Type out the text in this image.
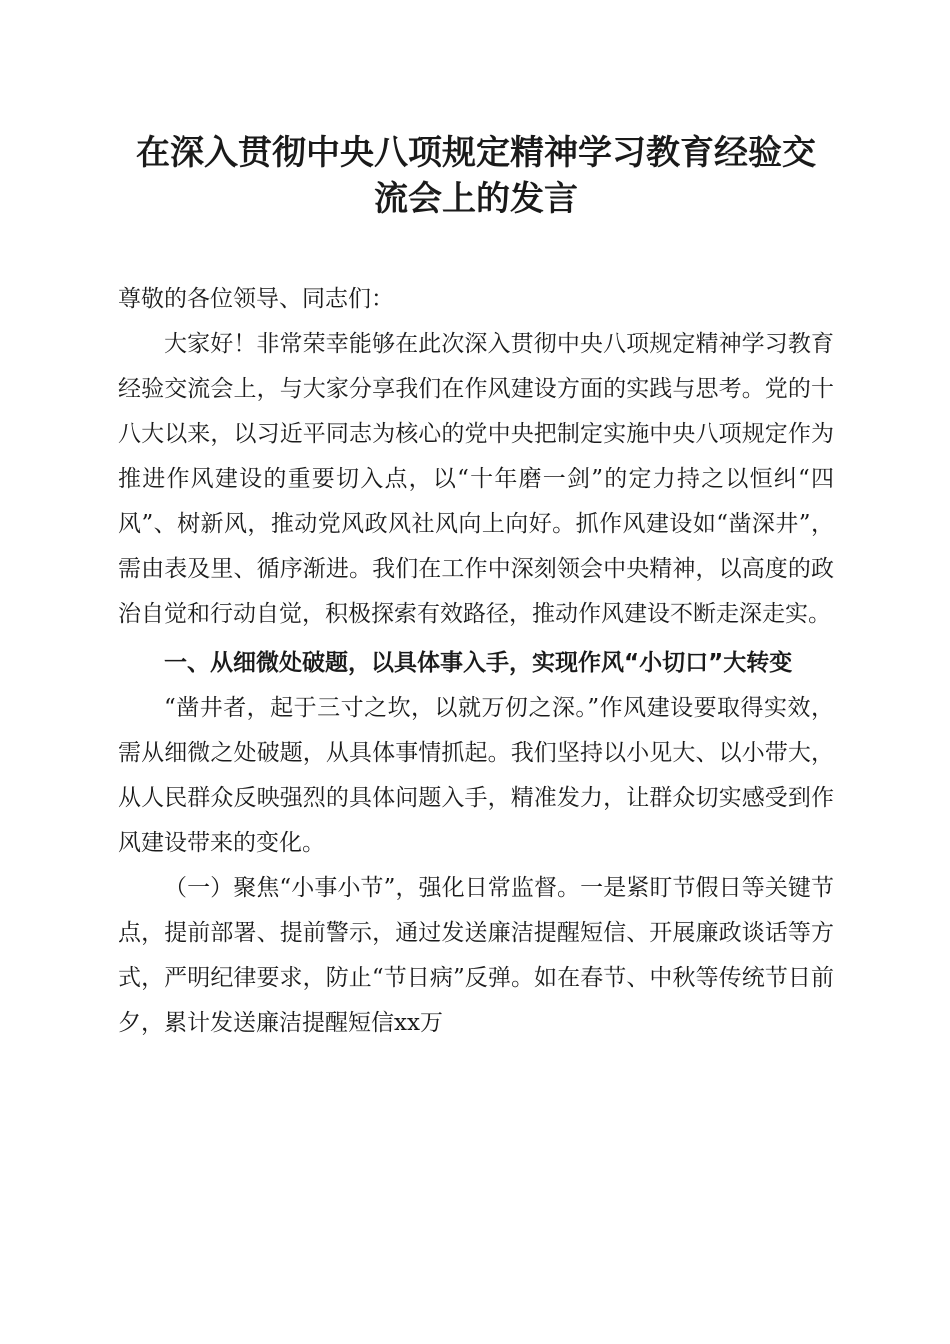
在深入贯彻中央八项规定精神学习教育经验交
流会上的发言
尊敬的各位领导、同志们：

大家好！非常荣幸能够在此次深入贯彻中央八项规定精神学习教育经验交流会上，与大家分享我们在作风建设方面的实践与思考。党的十八大以来，以习近平同志为核心的党中央把制定实施中央八项规定作为推进作风建设的重要切入点，以“十年磨一剑”的定力持之以恒纠“四风”、树新风，推动党风政风社风向上向好。抓作风建设如“凿深井”，需由表及里、循序渐进。我们在工作中深刻领会中央精神，以高度的政治自觉和行动自觉，积极探索有效路径，推动作风建设不断走深走实。

一、从细微处破题，以具体事入手，实现作风“小切口”大转变

“凿井者，起于三寸之坎，以就万仞之深。”作风建设要取得实效，需从细微之处破题，从具体事情抓起。我们坚持以小见大、以小带大，从人民群众反映强烈的具体问题入手，精准发力，让群众切实感受到作风建设带来的变化。

（一）聚焦“小事小节”，强化日常监督。一是紧盯节假日等关键节点，提前部署、提前警示，通过发送廉洁提醒短信、开展廉政谈话等方式，严明纪律要求，防止“节日病”反弹。如在春节、中秋等传统节日前夕，累计发送廉洁提醒短信xx万
